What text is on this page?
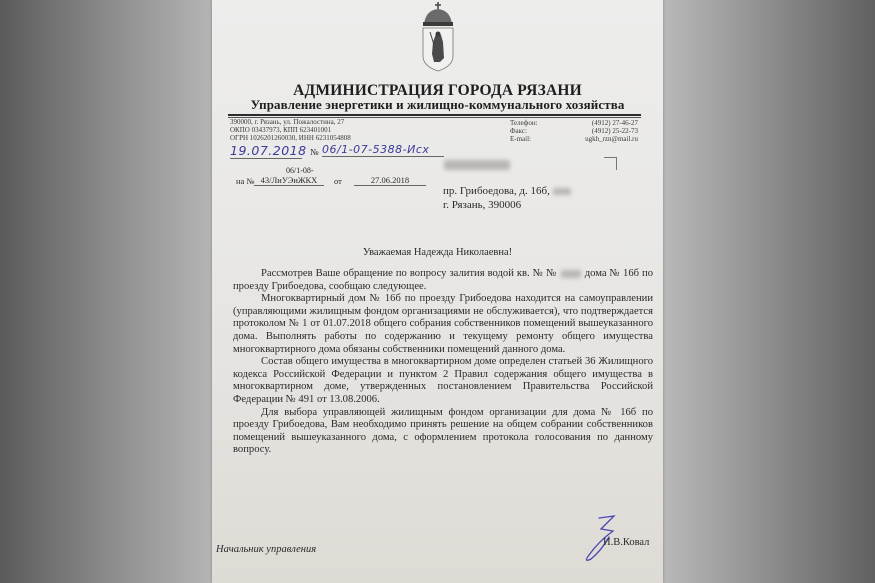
АДМИНИСТРАЦИЯ ГОРОДА РЯЗАНИ
Управление энергетики и жилищно-коммунального хозяйства
390000, г. Рязань, ул. Пожалостина, 27
ОКПО 03437973, КПП 623401001
ОГРН 1026201260030, ИНН 6231054808
Телефон:	(4912) 27-46-27
Факс:	(4912) 25-22-73
E-mail:	ugkh_rzn@mail.ru
19.07.2018 № 06/1-07-5388-Исх
06/1-08-
на № 43/ЛиУЭиЖКХ	от	27.06.2018
пр. Грибоедова, д. 16б,
г. Рязань, 390006
Уважаемая Надежда Николаевна!

Рассмотрев Ваше обращение по вопросу залития водой кв. № №	дома № 16б по проезду Грибоедова, сообщаю следующее.

Многоквартирный дом № 16б по проезду Грибоедова находится на самоуправлении (управляющими жилищным фондом организациями не обслуживается), что подтверждается протоколом № 1 от 01.07.2018 общего собрания собственников помещений вышеуказанного дома. Выполнять работы по содержанию и текущему ремонту общего имущества многоквартирного дома обязаны собственники помещений данного дома.

Состав общего имущества в многоквартирном доме определен статьей 36 Жилищного кодекса Российской Федерации и пунктом 2 Правил содержания общего имущества в многоквартирном доме, утвержденных постановлением Правительства Российской Федерации № 491 от 13.08.2006.

Для выбора управляющей жилищным фондом организации для дома № 16б по проезду Грибоедова, Вам необходимо принять решение на общем собрании собственников помещений вышеуказанного дома, с оформлением протокола голосования по данному вопросу.

Начальник управления
И.В.Ковал
